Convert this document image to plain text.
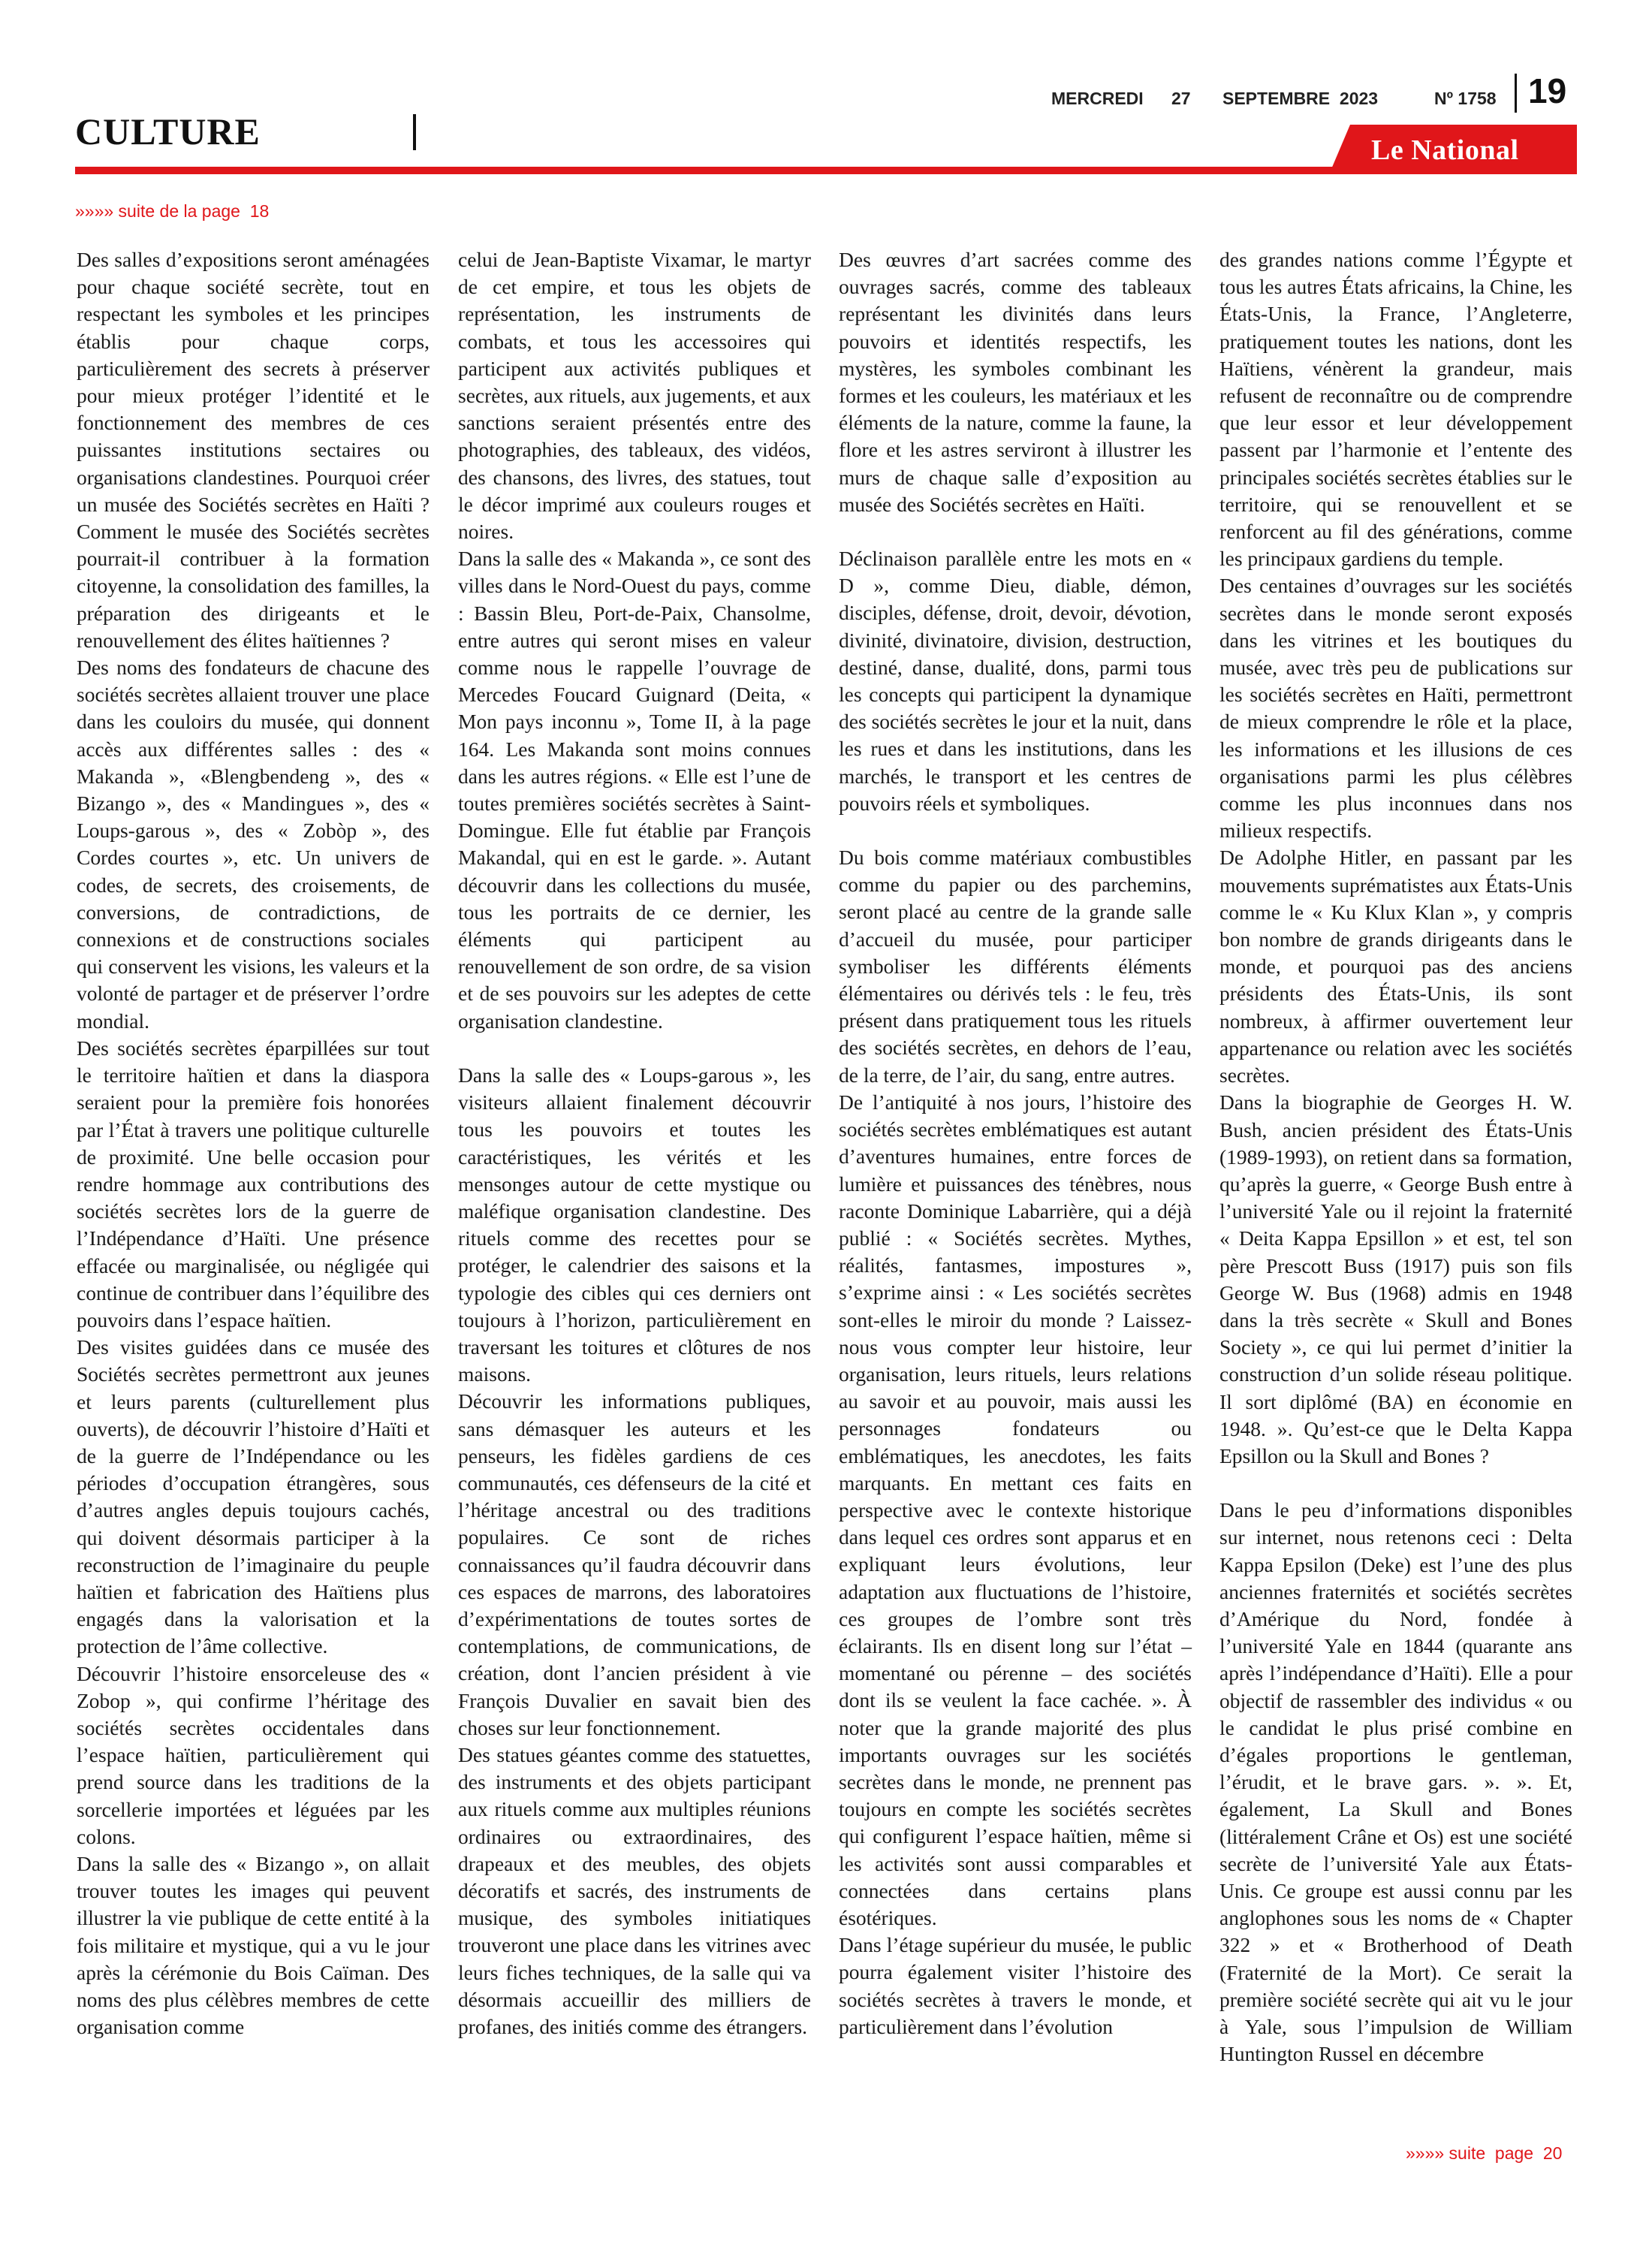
CULTURE
MERCREDI 27 SEPTEMBRE  2023	Nº 1758 19
Le National
»»»» suite de la page  18

Des salles d’expositions seront aménagées pour chaque société secrète, tout en respectant les symboles et les principes établis pour chaque corps, particulièrement des secrets à préserver pour mieux protéger l’identité et le fonctionnement des membres de ces puissantes institutions sectaires ou organisations clandestines. Pourquoi créer un musée des Sociétés secrètes en Haïti ? Comment le musée des Sociétés secrètes pourrait-il contribuer à la formation citoyenne, la consolidation des familles, la préparation des dirigeants et le renouvellement des élites haïtiennes ?

Des noms des fondateurs de chacune des sociétés secrètes allaient trouver une place dans les couloirs du musée, qui donnent accès aux différentes salles : des « Makanda », «Blengbendeng », des « Bizango », des « Mandingues », des « Loups-garous », des « Zobòp », des Cordes courtes », etc. Un univers de codes, de secrets, des croisements, de conversions, de contradictions, de connexions et de constructions sociales qui conservent les visions, les valeurs et la volonté de partager et de préserver l’ordre mondial.

Des sociétés secrètes éparpillées sur tout le territoire haïtien et dans la diaspora seraient pour la première fois honorées par l’État à travers une politique culturelle de proximité. Une belle occasion pour rendre hommage aux contributions des sociétés secrètes lors de la guerre de l’Indépendance d’Haïti. Une présence effacée ou marginalisée, ou négligée qui continue de contribuer dans l’équilibre des pouvoirs dans l’espace haïtien.

Des visites guidées dans ce musée des Sociétés secrètes permettront aux jeunes et leurs parents (culturellement plus ouverts), de découvrir l’histoire d’Haïti et de la guerre de l’Indépendance ou les périodes d’occupation étrangères, sous d’autres angles depuis toujours cachés, qui doivent désormais participer à la reconstruction de l’imaginaire du peuple haïtien et fabrication des Haïtiens plus engagés dans la valorisation et la protection de l’âme collective.

Découvrir l’histoire ensorceleuse des « Zobop », qui confirme l’héritage des sociétés secrètes occidentales dans l’espace haïtien, particulièrement qui prend source dans les traditions de la sorcellerie importées et léguées par les colons.

Dans la salle des « Bizango », on allait trouver toutes les images qui peuvent illustrer la vie publique de cette entité à la fois militaire et mystique, qui a vu le jour après la cérémonie du Bois Caïman. Des noms des plus célèbres membres de cette organisation comme

celui de Jean-Baptiste Vixamar, le martyr de cet empire, et tous les objets de représentation, les instruments de combats, et tous les accessoires qui participent aux activités publiques et secrètes, aux rituels, aux jugements, et aux sanctions seraient présentés entre des photographies, des tableaux, des vidéos, des chansons, des livres, des statues, tout le décor imprimé aux couleurs rouges et noires.

Dans la salle des « Makanda », ce sont des villes dans le Nord-Ouest du pays, comme : Bassin Bleu, Port-de-Paix, Chansolme, entre autres qui seront mises en valeur comme nous le rappelle l’ouvrage de Mercedes Foucard Guignard (Deita, « Mon pays inconnu », Tome II, à la page 164. Les Makanda sont moins connues dans les autres régions. « Elle est l’une de toutes premières sociétés secrètes à Saint-Domingue. Elle fut établie par François Makandal, qui en est le garde. ». Autant découvrir dans les collections du musée, tous les portraits de ce dernier, les éléments qui participent au renouvellement de son ordre, de sa vision et de ses pouvoirs sur les adeptes de cette organisation clandestine.

Dans la salle des « Loups-garous », les visiteurs allaient finalement découvrir tous les pouvoirs et toutes les caractéristiques, les vérités et les mensonges autour de cette mystique ou maléfique organisation clandestine. Des rituels comme des recettes pour se protéger, le calendrier des saisons et la typologie des cibles qui ces derniers ont toujours à l’horizon, particulièrement en traversant les toitures et clôtures de nos maisons.

Découvrir les informations publiques, sans démasquer les auteurs et les penseurs, les fidèles gardiens de ces communautés, ces défenseurs de la cité et l’héritage ancestral ou des traditions populaires. Ce sont de riches connaissances qu’il faudra découvrir dans ces espaces de marrons, des laboratoires d’expérimentations de toutes sortes de contemplations, de communications, de création, dont l’ancien président à vie François Duvalier en savait bien des choses sur leur fonctionnement.

Des statues géantes comme des statuettes, des instruments et des objets participant aux rituels comme aux multiples réunions ordinaires ou extraordinaires, des drapeaux et des meubles, des objets décoratifs et sacrés, des instruments de musique, des symboles initiatiques trouveront une place dans les vitrines avec leurs fiches techniques, de la salle qui va désormais accueillir des milliers de profanes, des initiés comme des étrangers.

Des œuvres d’art sacrées comme des ouvrages sacrés, comme des tableaux représentant les divinités dans leurs pouvoirs et identités respectifs, les mystères, les symboles combinant les formes et les couleurs, les matériaux et les éléments de la nature, comme la faune, la flore et les astres serviront à illustrer les murs de chaque salle d’exposition au musée des Sociétés secrètes en Haïti.

Déclinaison parallèle entre les mots en « D », comme Dieu, diable, démon, disciples, défense, droit, devoir, dévotion, divinité, divinatoire, division, destruction, destiné, danse, dualité, dons, parmi tous les concepts qui participent la dynamique des sociétés secrètes le jour et la nuit, dans les rues et dans les institutions, dans les marchés, le transport et les centres de pouvoirs réels et symboliques.

Du bois comme matériaux combustibles comme du papier ou des parchemins, seront placé au centre de la grande salle d’accueil du musée, pour participer symboliser les différents éléments élémentaires ou dérivés tels : le feu, très présent dans pratiquement tous les rituels des sociétés secrètes, en dehors de l’eau, de la terre, de l’air, du sang, entre autres.

De l’antiquité à nos jours, l’histoire des sociétés secrètes emblématiques est autant d’aventures humaines, entre forces de lumière et puissances des ténèbres, nous raconte Dominique Labarrière, qui a déjà publié : « Sociétés secrètes. Mythes, réalités, fantasmes, impostures », s’exprime ainsi : « Les sociétés secrètes sont-elles le miroir du monde ? Laissez-nous vous compter leur histoire, leur organisation, leurs rituels, leurs relations au savoir et au pouvoir, mais aussi les personnages fondateurs ou emblématiques, les anecdotes, les faits marquants. En mettant ces faits en perspective avec le contexte historique dans lequel ces ordres sont apparus et en expliquant leurs évolutions, leur adaptation aux fluctuations de l’histoire, ces groupes de l’ombre sont très éclairants. Ils en disent long sur l’état – momentané ou pérenne – des sociétés dont ils se veulent la face cachée. ». À noter que la grande majorité des plus importants ouvrages sur les sociétés secrètes dans le monde, ne prennent pas toujours en compte les sociétés secrètes qui configurent l’espace haïtien, même si les activités sont aussi comparables et connectées dans certains plans ésotériques.

Dans l’étage supérieur du musée, le public pourra également visiter l’histoire des sociétés secrètes à travers le monde, et particulièrement dans l’évolution

des grandes nations comme l’Égypte et tous les autres États africains, la Chine, les États-Unis, la France, l’Angleterre, pratiquement toutes les nations, dont les Haïtiens, vénèrent la grandeur, mais refusent de reconnaître ou de comprendre que leur essor et leur développement passent par l’harmonie et l’entente des principales sociétés secrètes établies sur le territoire, qui se renouvellent et se renforcent au fil des générations, comme les principaux gardiens du temple.

Des centaines d’ouvrages sur les sociétés secrètes dans le monde seront exposés dans les vitrines et les boutiques du musée, avec très peu de publications sur les sociétés secrètes en Haïti, permettront de mieux comprendre le rôle et la place, les informations et les illusions de ces organisations parmi les plus célèbres comme les plus inconnues dans nos milieux respectifs.

De Adolphe Hitler, en passant par les mouvements suprématistes aux États-Unis comme le « Ku Klux Klan », y compris bon nombre de grands dirigeants dans le monde, et pourquoi pas des anciens présidents des États-Unis, ils sont nombreux, à affirmer ouvertement leur appartenance ou relation avec les sociétés secrètes.

Dans la biographie de Georges H. W. Bush, ancien président des États-Unis (1989-1993), on retient dans sa formation, qu’après la guerre, « George Bush entre à l’université Yale ou il rejoint la fraternité « Deita Kappa Epsillon » et est, tel son père Prescott Buss (1917) puis son fils George W. Bus (1968) admis en 1948 dans la très secrète « Skull and Bones Society », ce qui lui permet d’initier la construction d’un solide réseau politique. Il sort diplômé (BA) en économie en 1948. ». Qu’est-ce que le Delta Kappa Epsillon ou la Skull and Bones ?

Dans le peu d’informations disponibles sur internet, nous retenons ceci : Delta Kappa Epsilon (Deke) est l’une des plus anciennes fraternités et sociétés secrètes d’Amérique du Nord, fondée à l’université Yale en 1844 (quarante ans après l’indépendance d’Haïti). Elle a pour objectif de rassembler des individus « ou le candidat le plus prisé combine en d’égales proportions le gentleman, l’érudit, et le brave gars. ». ». Et, également, La Skull and Bones (littéralement Crâne et Os) est une société secrète de l’université Yale aux États-Unis. Ce groupe est aussi connu par les anglophones sous les noms de « Chapter 322 » et « Brotherhood of Death (Fraternité de la Mort). Ce serait la première société secrète qui ait vu le jour à Yale, sous l’impulsion de William Huntington Russel en décembre

»»»» suite  page  20
